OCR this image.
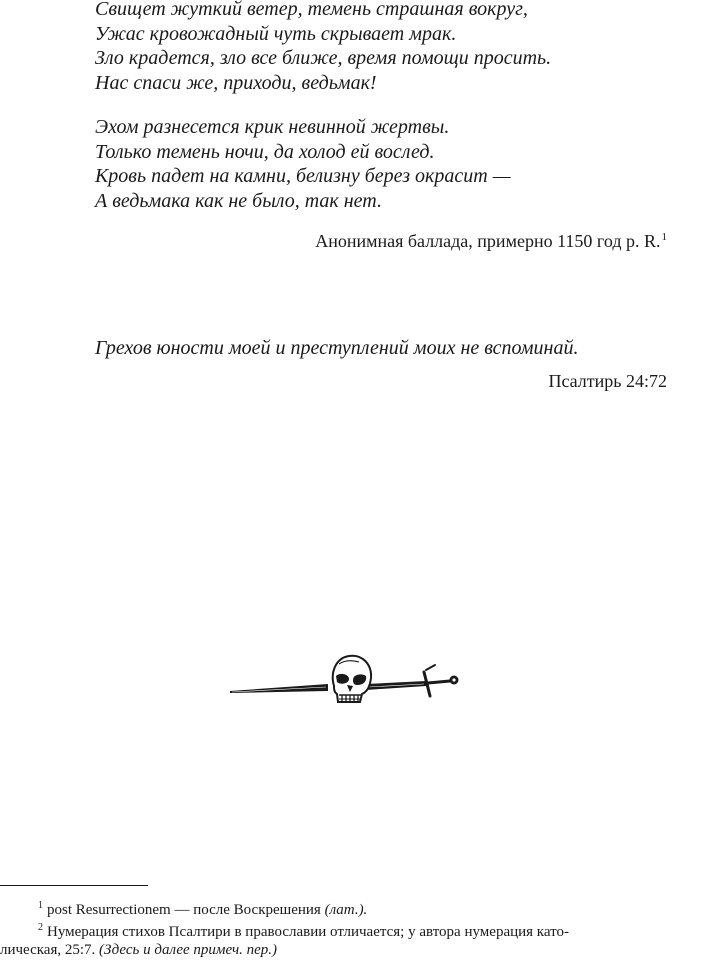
Свищет жуткий ветер, темень страшная вокруг,
Ужас кровожадный чуть скрывает мрак.
Зло крадется, зло все ближе, время помощи просить.
Нас спаси же, приходи, ведьмак!
Эхом разнесется крик невинной жертвы.
Только темень ночи, да холод ей вослед.
Кровь падет на камни, белизну берез окрасит —
А ведьмака как не было, так нет.
Анонимная баллада, примерно 1150 год р. R.$^1$
Грехов юности моей и преступлений моих не вспоминай.
Псалтирь 24:72
$^1$ post Resurrectionem — после Воскрешения (лат.).
$^2$ Нумерация стихов Псалтири в православии отличается; у автора нумерация като-
лическая, 25:7. (Здесь и далее примеч. пер.)
